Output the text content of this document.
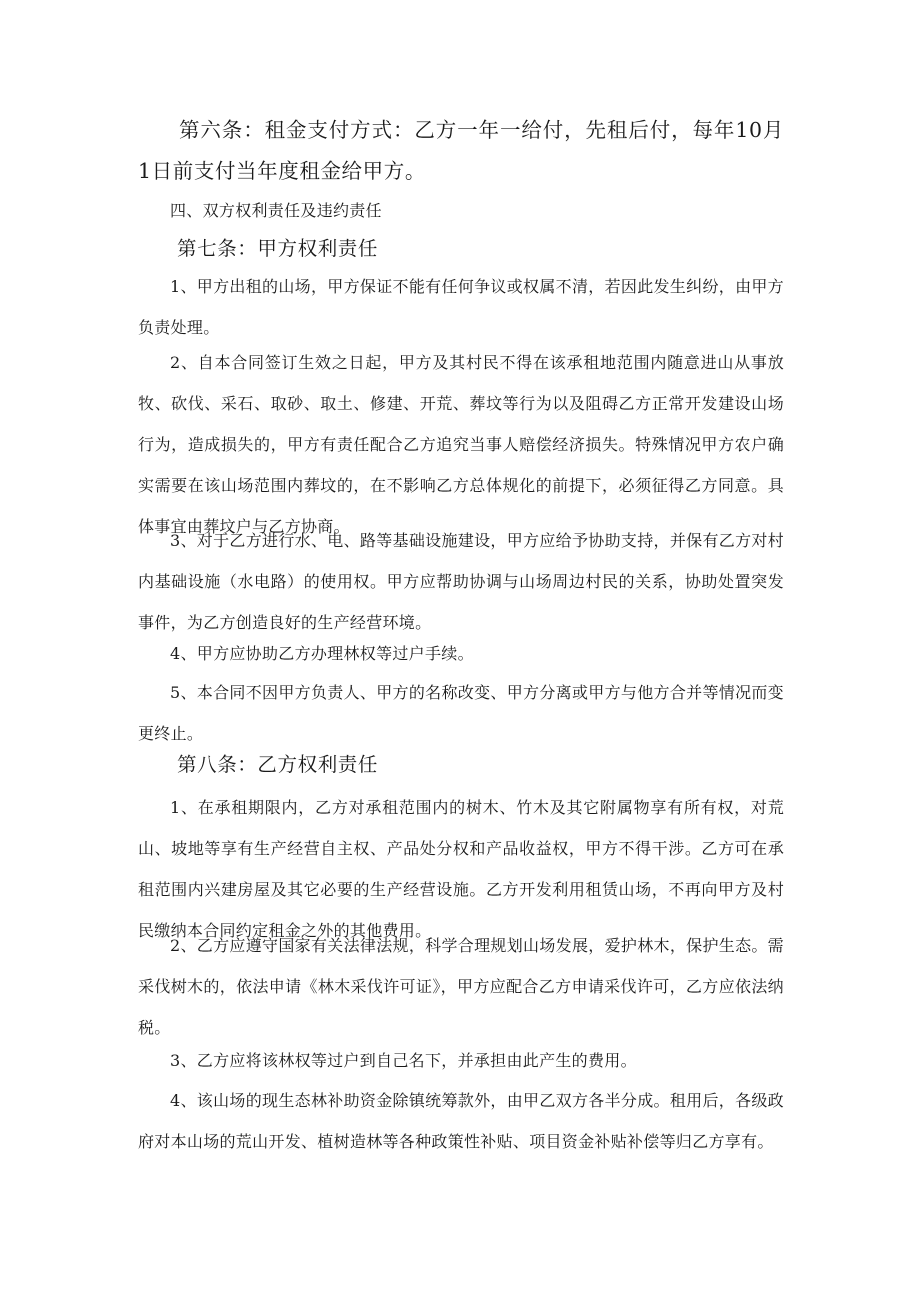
第六条：租金支付方式：乙方一年一给付，先租后付，每年10月1日前支付当年度租金给甲方。

四、双方权利责任及违约责任

第七条：甲方权利责任

1、甲方出租的山场，甲方保证不能有任何争议或权属不清，若因此发生纠纷，由甲方负责处理。

2、自本合同签订生效之日起，甲方及其村民不得在该承租地范围内随意进山从事放牧、砍伐、采石、取砂、取土、修建、开荒、葬坟等行为以及阻碍乙方正常开发建设山场行为，造成损失的，甲方有责任配合乙方追究当事人赔偿经济损失。特殊情况甲方农户确实需要在该山场范围内葬坟的，在不影响乙方总体规化的前提下，必须征得乙方同意。具体事宜由葬坟户与乙方协商。

3、对于乙方进行水、电、路等基础设施建设，甲方应给予协助支持，并保有乙方对村内基础设施（水电路）的使用权。甲方应帮助协调与山场周边村民的关系，协助处置突发事件，为乙方创造良好的生产经营环境。

4、甲方应协助乙方办理林权等过户手续。

5、本合同不因甲方负责人、甲方的名称改变、甲方分离或甲方与他方合并等情况而变更终止。

第八条：乙方权利责任

1、在承租期限内，乙方对承租范围内的树木、竹木及其它附属物享有所有权，对荒山、坡地等享有生产经营自主权、产品处分权和产品收益权，甲方不得干涉。乙方可在承租范围内兴建房屋及其它必要的生产经营设施。乙方开发利用租赁山场，不再向甲方及村民缴纳本合同约定租金之外的其他费用。

2、乙方应遵守国家有关法律法规，科学合理规划山场发展，爱护林木，保护生态。需采伐树木的，依法申请《林木采伐许可证》，甲方应配合乙方申请采伐许可，乙方应依法纳税。

3、乙方应将该林权等过户到自己名下，并承担由此产生的费用。

4、该山场的现生态林补助资金除镇统筹款外，由甲乙双方各半分成。租用后，各级政府对本山场的荒山开发、植树造林等各种政策性补贴、项目资金补贴补偿等归乙方享有。
